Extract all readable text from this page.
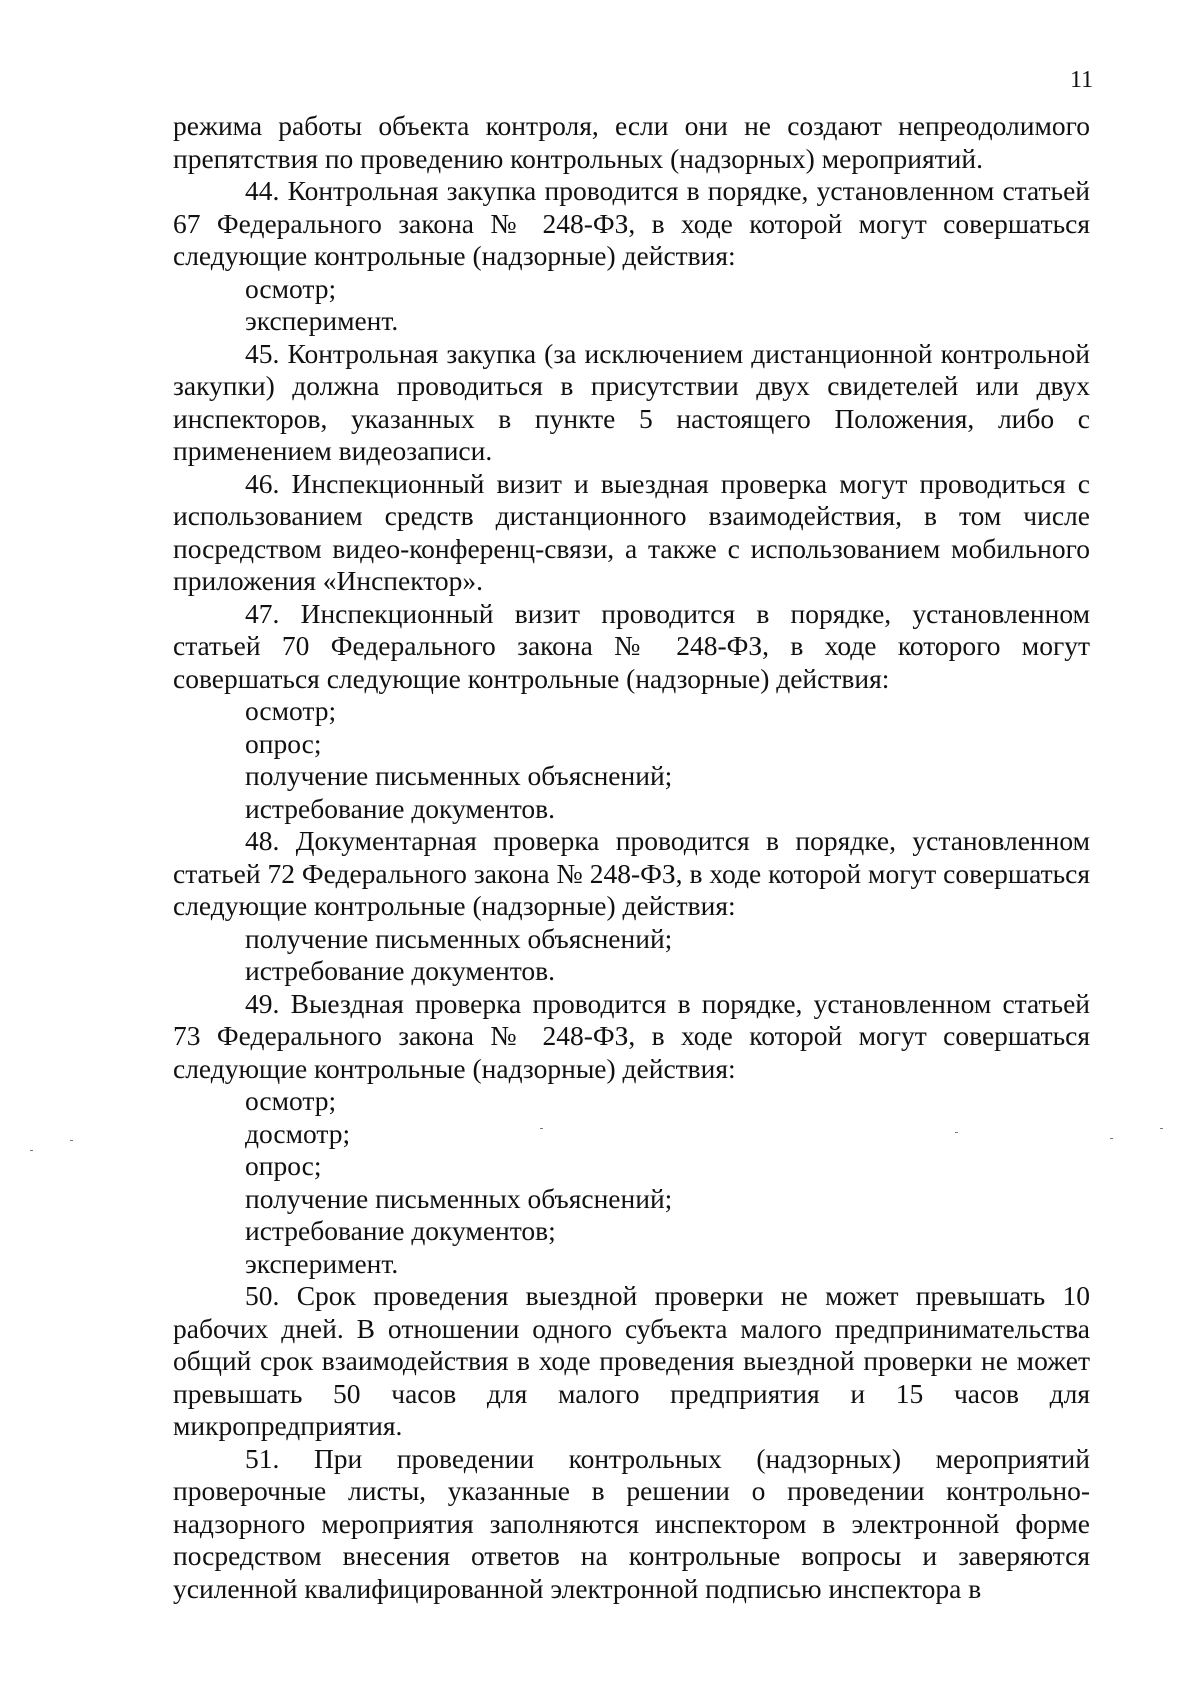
11

режима работы объекта контроля, если они не создают непреодолимого препятствия по проведению контрольных (надзорных) мероприятий.

44. Контрольная закупка проводится в порядке, установленном статьей 67 Федерального закона № 248-ФЗ, в ходе которой могут совершаться следующие контрольные (надзорные) действия:

осмотр;

эксперимент.

45. Контрольная закупка (за исключением дистанционной контрольной закупки) должна проводиться в присутствии двух свидетелей или двух инспекторов, указанных в пункте 5 настоящего Положения, либо с применением видеозаписи.

46. Инспекционный визит и выездная проверка могут проводиться с использованием средств дистанционного взаимодействия, в том числе посредством видео-конференц-связи, а также с использованием мобильного приложения «Инспектор».

47. Инспекционный визит проводится в порядке, установленном статьей 70 Федерального закона № 248-ФЗ, в ходе которого могут совершаться следующие контрольные (надзорные) действия:

осмотр;

опрос;

получение письменных объяснений;

истребование документов.

48. Документарная проверка проводится в порядке, установленном статьей 72 Федерального закона № 248-ФЗ, в ходе которой могут совершаться следующие контрольные (надзорные) действия:

получение письменных объяснений;

истребование документов.

49. Выездная проверка проводится в порядке, установленном статьей 73 Федерального закона № 248-ФЗ, в ходе которой могут совершаться следующие контрольные (надзорные) действия:

осмотр;

досмотр;

опрос;

получение письменных объяснений;

истребование документов;

эксперимент.

50. Срок проведения выездной проверки не может превышать 10 рабочих дней. В отношении одного субъекта малого предпринимательства общий срок взаимодействия в ходе проведения выездной проверки не может превышать 50 часов для малого предприятия и 15 часов для микропредприятия.

51. При проведении контрольных (надзорных) мероприятий проверочные листы, указанные в решении о проведении контрольно-надзорного мероприятия заполняются инспектором в электронной форме посредством внесения ответов на контрольные вопросы и заверяются усиленной квалифицированной электронной подписью инспектора в
